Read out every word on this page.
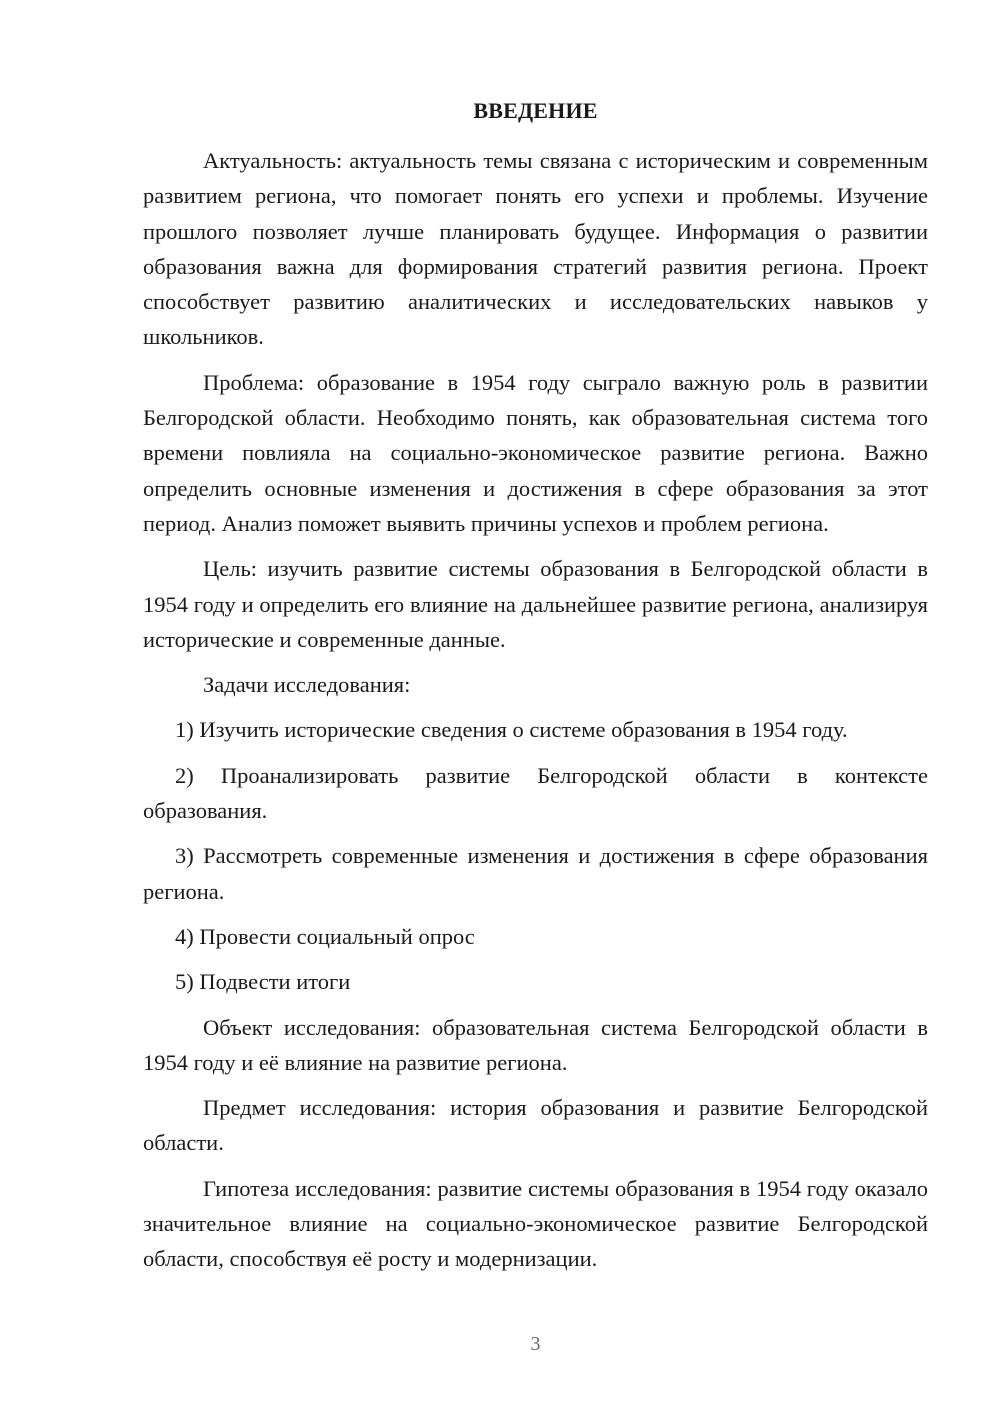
ВВЕДЕНИЕ

Актуальность: актуальность темы связана с историческим и современным развитием региона, что помогает понять его успехи и проблемы. Изучение прошлого позволяет лучше планировать будущее. Информация о развитии образования важна для формирования стратегий развития региона. Проект способствует развитию аналитических и исследовательских навыков у школьников.

Проблема: образование в 1954 году сыграло важную роль в развитии Белгородской области. Необходимо понять, как образовательная система того времени повлияла на социально-экономическое развитие региона. Важно определить основные изменения и достижения в сфере образования за этот период. Анализ поможет выявить причины успехов и проблем региона.

Цель: изучить развитие системы образования в Белгородской области в 1954 году и определить его влияние на дальнейшее развитие региона, анализируя исторические и современные данные.

Задачи исследования:

1) Изучить исторические сведения о системе образования в 1954 году.

2) Проанализировать развитие Белгородской области в контексте образования.

3) Рассмотреть современные изменения и достижения в сфере образования региона.

4) Провести социальный опрос

5) Подвести итоги

Объект исследования: образовательная система Белгородской области в 1954 году и её влияние на развитие региона.

Предмет исследования: история образования и развитие Белгородской области.

Гипотеза исследования: развитие системы образования в 1954 году оказало значительное влияние на социально-экономическое развитие Белгородской области, способствуя её росту и модернизации.

3
